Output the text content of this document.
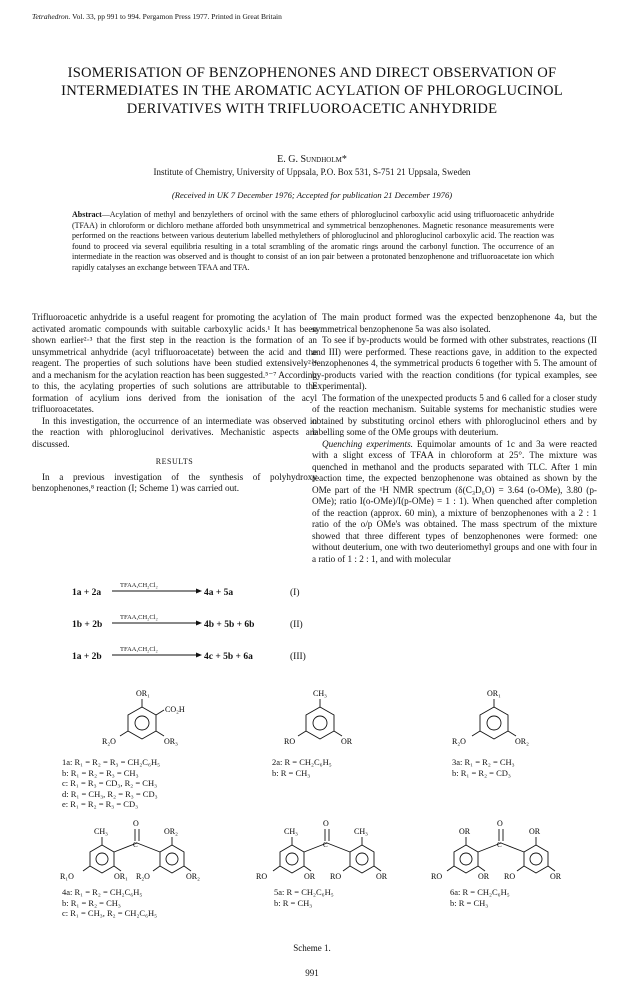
Tetrahedron. Vol. 33, pp 991 to 994. Pergamon Press 1977. Printed in Great Britain
ISOMERISATION OF BENZOPHENONES AND DIRECT OBSERVATION OF INTERMEDIATES IN THE AROMATIC ACYLATION OF PHLOROGLUCINOL DERIVATIVES WITH TRIFLUOROACETIC ANHYDRIDE
E. G. Sundholm*
Institute of Chemistry, University of Uppsala, P.O. Box 531, S-751 21 Uppsala, Sweden
(Received in UK 7 December 1976; Accepted for publication 21 December 1976)
Abstract—Acylation of methyl and benzylethers of orcinol with the same ethers of phloroglucinol carboxylic acid using trifluoroacetic anhydride (TFAA) in chloroform or dichloro methane afforded both unsymmetrical and symmetrical benzophenones. Magnetic resonance measurements were performed on the reactions between various deuterium labelled methylethers of phloroglucinol and phloroglucinol carboxylic acid. The reaction was found to proceed via several equilibria resulting in a total scrambling of the aromatic rings around the carbonyl function. The occurrence of an intermediate in the reaction was observed and is thought to consist of an ion pair between a protonated benzophenone and trifluoroacetate ion which rapidly catalyses an exchange between TFAA and TFA.

Trifluoroacetic anhydride is a useful reagent for promoting the acylation of activated aromatic compounds with suitable carboxylic acids.¹ It has been shown earlier²·³ that the first step in the reaction is the formation of an unsymmetrical anhydride (acyl trifluoroacetate) between the acid and the reagent. The properties of such solutions have been studied extensively²·⁴ and a mechanism for the acylation reaction has been suggested.⁵⁻⁷ According to this, the acylating properties of such solutions are attributable to the formation of acylium ions derived from the ionisation of the acyl trifluoroacetates.

In this investigation, the occurrence of an intermediate was observed in the reaction with phloroglucinol derivatives. Mechanistic aspects are discussed.

RESULTS

In a previous investigation of the synthesis of polyhydroxy benzophenones,⁸ reaction (I; Scheme 1) was carried out.

1a + 2a
TFAA,CH₂Cl₂
4a + 5a	(I)
1b + 2b
TFAA,CH₂Cl₂
4b + 5b + 6b	(II)
1a + 2b
TFAA,CH₂Cl₂
4c + 5b + 6a	(III)

The main product formed was the expected benzophenone 4a, but the symmetrical benzophenone 5a was also isolated.

To see if by-products would be formed with other substrates, reactions (II and III) were performed. These reactions gave, in addition to the expected benzophenones 4, the symmetrical products 6 together with 5. The amount of by-products varied with the reaction conditions (for typical examples, see Experimental).

The formation of the unexpected products 5 and 6 called for a closer study of the reaction mechanism. Suitable systems for mechanistic studies were obtained by substituting orcinol ethers with phloroglucinol ethers and by labelling some of the OMe groups with deuterium.

Quenching experiments. Equimolar amounts of 1c and 3a were reacted with a slight excess of TFAA in chloroform at 25°. The mixture was quenched in methanol and the products separated with TLC. After 1 min reaction time, the expected benzophenone was obtained as shown by the OMe part of the ¹H NMR spectrum (δ(C₃D₆O) = 3.64 (o-OMe), 3.80 (p-OMe); ratio I(o-OMe)/I(p-OMe) = 1 : 1). When quenched after completion of the reaction (approx. 60 min), a mixture of benzophenones with a 2 : 1 ratio of the o/p OMe's was obtained. The mass spectrum of the mixture showed that three different types of benzophenones were formed: one without deuterium, one with two deuteriomethyl groups and one with four in a ratio of 1 : 2 : 1, and with molecular

OR₁
CO₂H
R₂O	OR₃
CH₃
RO	OR
OR₁
R₂O	OR₂
1a: R₁ = R₂ = R₃ = CH₂C₆H₅
b: R₁ = R₂ = R₃ = CH₃
c: R₁ = R₃ = CD₃, R₂ = CH₃
d: R₁ = CH₃, R₂ = R₃ = CD₃
e: R₁ = R₂ = R₃ = CD₃
2a: R = CH₂C₆H₅
b: R = CH₃
3a: R₁ = R₂ = CH₃
b: R₁ = R₂ = CD₃
O
C
CH₃	OR₂
R₁O	OR₁ R₂O	OR₂
O
C
CH₃	CH₃
RO	OR RO	OR
O
C
OR	OR
RO	OR RO	OR
4a: R₁ = R₂ = CH₂C₆H₅
b: R₁ = R₂ = CH₃
c: R₁ = CH₃, R₂ = CH₂C₆H₅
5a: R = CH₂C₆H₅
b: R = CH₃
6a: R = CH₂C₆H₅
b: R = CH₃
Scheme 1.
991
